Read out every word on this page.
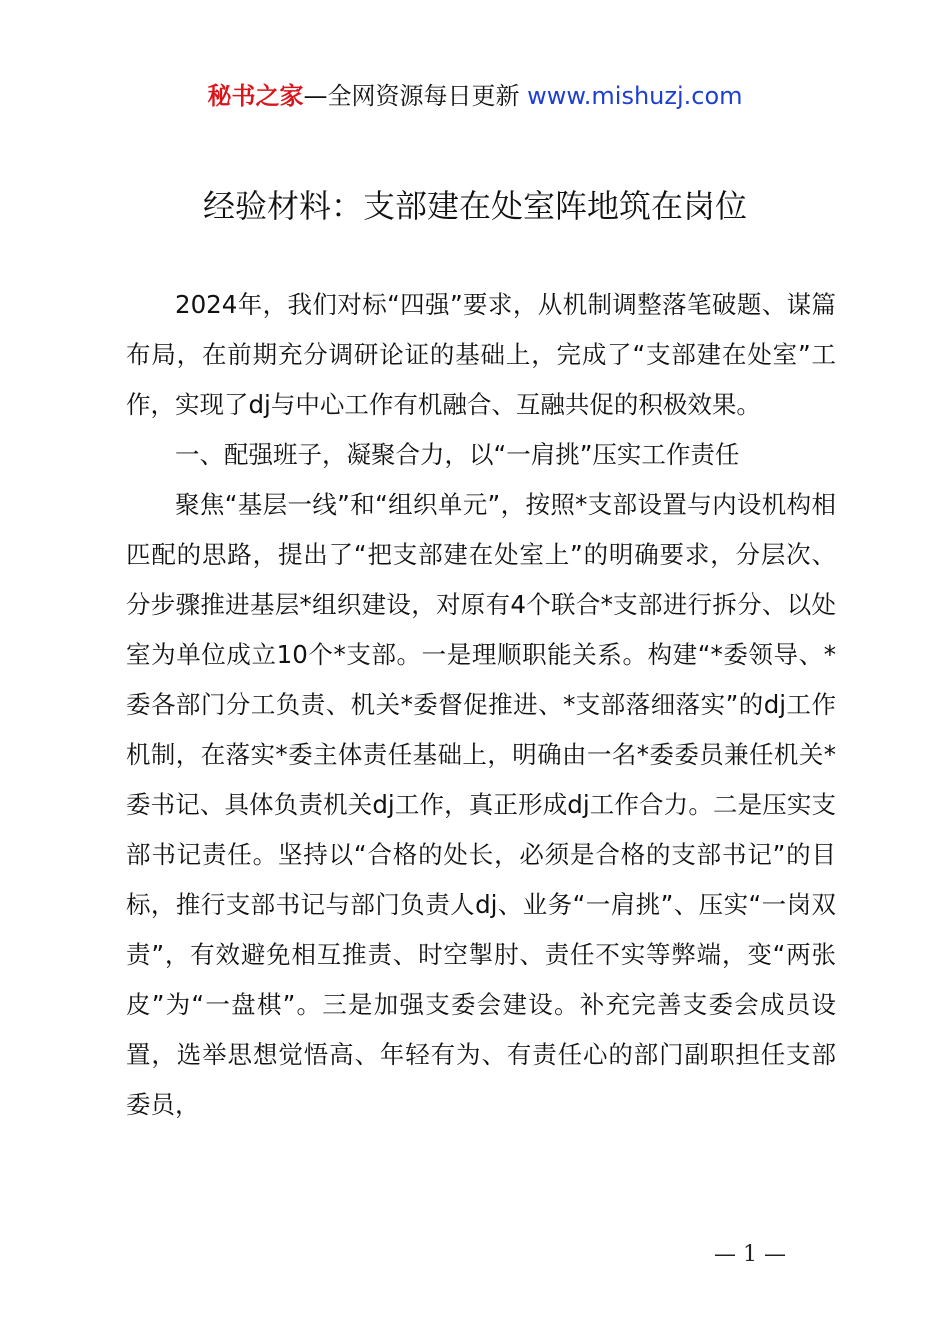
秘书之家—全网资源每日更新 www.mishuzj.com
经验材料：支部建在处室阵地筑在岗位

2024年，我们对标“四强”要求，从机制调整落笔破题、谋篇布局，在前期充分调研论证的基础上，完成了“支部建在处室”工作，实现了dj与中心工作有机融合、互融共促的积极效果。

一、配强班子，凝聚合力，以“一肩挑”压实工作责任

聚焦“基层一线”和“组织单元”，按照*支部设置与内设机构相匹配的思路，提出了“把支部建在处室上”的明确要求，分层次、分步骤推进基层*组织建设，对原有4个联合*支部进行拆分、以处室为单位成立10个*支部。一是理顺职能关系。构建“*委领导、*委各部门分工负责、机关*委督促推进、*支部落细落实”的dj工作机制，在落实*委主体责任基础上，明确由一名*委委员兼任机关*委书记、具体负责机关dj工作，真正形成dj工作合力。二是压实支部书记责任。坚持以“合格的处长，必须是合格的支部书记”的目标，推行支部书记与部门负责人dj、业务“一肩挑”、压实“一岗双责”，有效避免相互推责、时空掣肘、责任不实等弊端，变“两张皮”为“一盘棋”。三是加强支委会建设。补充完善支委会成员设置，选举思想觉悟高、年轻有为、有责任心的部门副职担任支部委员，

— 1 —
